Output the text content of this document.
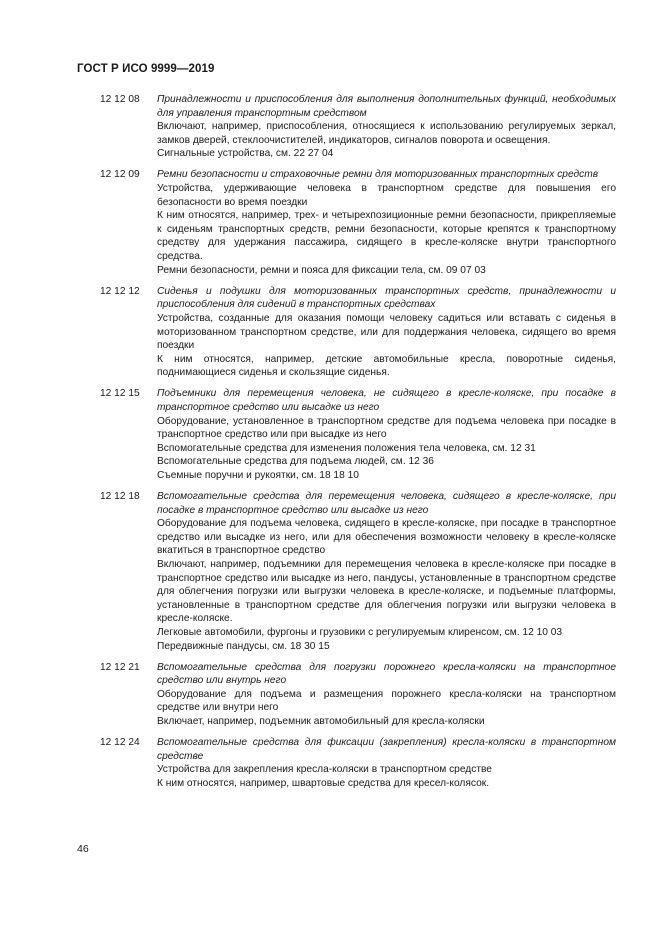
ГОСТ Р ИСО 9999—2019
12 12 08	Принадлежности и приспособления для выполнения дополнительных функций, необходимых для управления транспортным средством
Включают, например, приспособления, относящиеся к использованию регулируемых зеркал, замков дверей, стеклоочистителей, индикаторов, сигналов поворота и освещения.
Сигнальные устройства, см. 22 27 04
12 12 09	Ремни безопасности и страховочные ремни для моторизованных транспортных средств
Устройства, удерживающие человека в транспортном средстве для повышения его безопасности во время поездки
К ним относятся, например, трех- и четырехпозиционные ремни безопасности, прикрепляемые к сиденьям транспортных средств, ремни безопасности, которые крепятся к транспортному средству для удержания пассажира, сидящего в кресле-коляске внутри транспортного средства.
Ремни безопасности, ремни и пояса для фиксации тела, см. 09 07 03
12 12 12	Сиденья и подушки для моторизованных транспортных средств, принадлежности и приспособления для сидений в транспортных средствах
Устройства, созданные для оказания помощи человеку садиться или вставать с сиденья в моторизованном транспортном средстве, или для поддержания человека, сидящего во время поездки
К ним относятся, например, детские автомобильные кресла, поворотные сиденья, поднимающиеся сиденья и скользящие сиденья.
12 12 15	Подъемники для перемещения человека, не сидящего в кресле-коляске, при посадке в транспортное средство или высадке из него
Оборудование, установленное в транспортном средстве для подъема человека при посадке в транспортное средство или при высадке из него
Вспомогательные средства для изменения положения тела человека, см. 12 31
Вспомогательные средства для подъема людей, см. 12 36
Съемные поручни и рукоятки, см. 18 18 10
12 12 18	Вспомогательные средства для перемещения человека, сидящего в кресле-коляске, при посадке в транспортное средство или высадке из него
Оборудование для подъема человека, сидящего в кресле-коляске, при посадке в транспортное средство или высадке из него, или для обеспечения возможности человеку в кресле-коляске вкатиться в транспортное средство
Включают, например, подъемники для перемещения человека в кресле-коляске при посадке в транспортное средство или высадке из него, пандусы, установленные в транспортном средстве для облегчения погрузки или выгрузки человека в кресле-коляске, и подъемные платформы, установленные в транспортном средстве для облегчения погрузки или выгрузки человека в кресле-коляске.
Легковые автомобили, фургоны и грузовики с регулируемым клиренсом, см. 12 10 03
Передвижные пандусы, см. 18 30 15
12 12 21	Вспомогательные средства для погрузки порожнего кресла-коляски на транспортное средство или внутрь него
Оборудование для подъема и размещения порожнего кресла-коляски на транспортном средстве или внутри него
Включает, например, подъемник автомобильный для кресла-коляски
12 12 24	Вспомогательные средства для фиксации (закрепления) кресла-коляски в транспортном средстве
Устройства для закрепления кресла-коляски в транспортном средстве
К ним относятся, например, швартовые средства для кресел-колясок.
46
